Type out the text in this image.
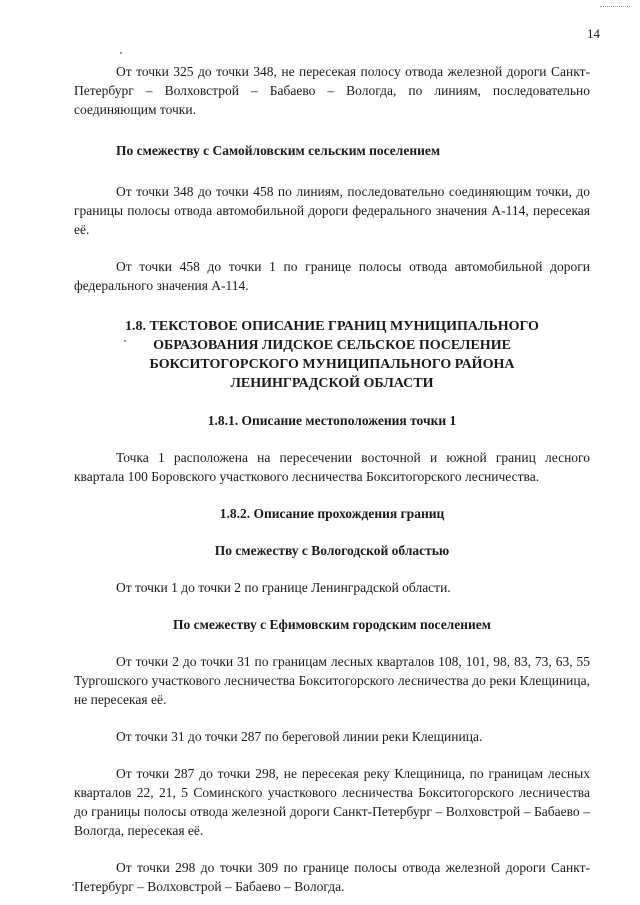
14

От точки 325 до точки 348, не пересекая полосу отвода железной дороги Санкт-Петербург – Волховстрой – Бабаево – Вологда, по линиям, последовательно соединяющим точки.

По смежеству с Самойловским сельским поселением

От точки 348 до точки 458 по линиям, последовательно соединяющим точки, до границы полосы отвода автомобильной дороги федерального значения А-114, пересекая её.

От точки 458 до точки 1 по границе полосы отвода автомобильной дороги федерального значения А-114.

1.8. ТЕКСТОВОЕ ОПИСАНИЕ ГРАНИЦ МУНИЦИПАЛЬНОГО ОБРАЗОВАНИЯ ЛИДСКОЕ СЕЛЬСКОЕ ПОСЕЛЕНИЕ БОКСИТОГОРСКОГО МУНИЦИПАЛЬНОГО РАЙОНА ЛЕНИНГРАДСКОЙ ОБЛАСТИ
1.8.1. Описание местоположения точки 1

Точка 1 расположена на пересечении восточной и южной границ лесного квартала 100 Боровского участкового лесничества Бокситогорского лесничества.

1.8.2. Описание прохождения границ
По смежеству с Вологодской областью

От точки 1 до точки 2 по границе Ленинградской области.

По смежеству с Ефимовским городским поселением

От точки 2 до точки 31 по границам лесных кварталов 108, 101, 98, 83, 73, 63, 55 Тургошского участкового лесничества Бокситогорского лесничества до реки Клещиница, не пересекая её.

От точки 31 до точки 287 по береговой линии реки Клещиница.

От точки 287 до точки 298, не пересекая реку Клещиница, по границам лесных кварталов 22, 21, 5 Соминского участкового лесничества Бокситогорского лесничества до границы полосы отвода железной дороги Санкт-Петербург – Волховстрой – Бабаево – Вологда, пересекая её.

От точки 298 до точки 309 по границе полосы отвода железной дороги Санкт-Петербург – Волховстрой – Бабаево – Вологда.
